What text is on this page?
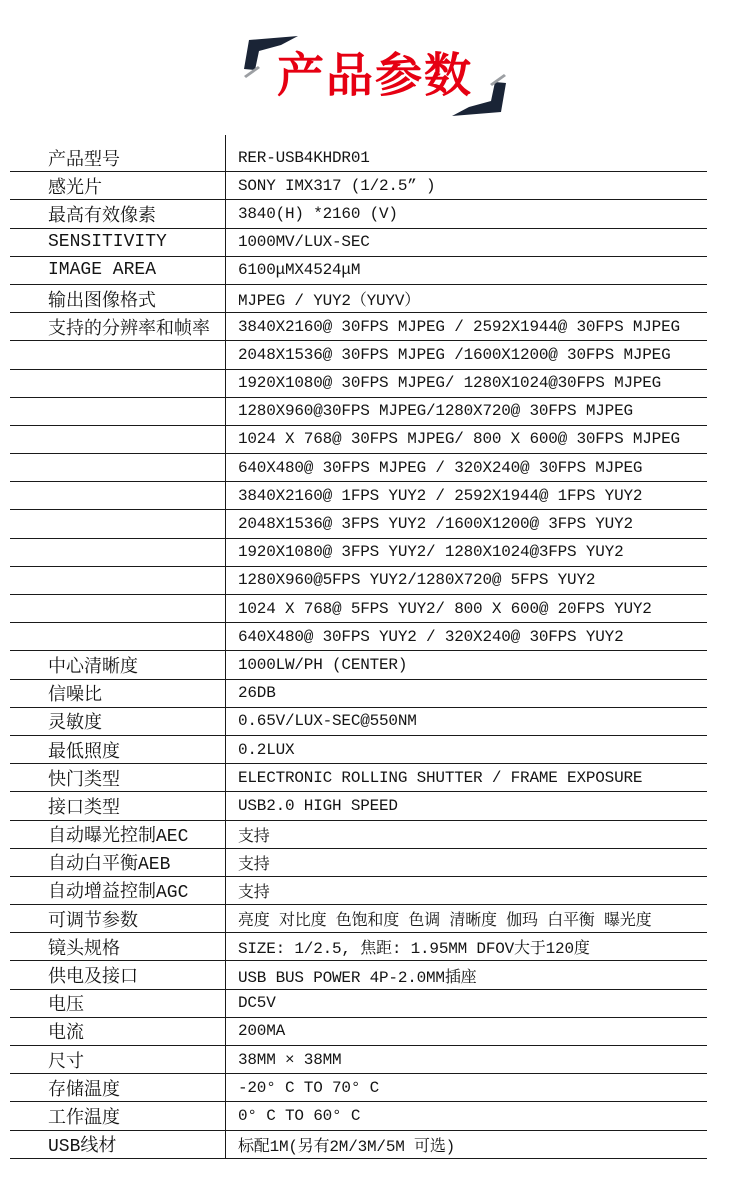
产品参数
产品型号	RER-USB4KHDR01
感光片	SONY IMX317 (1/2.5” )
最高有效像素	3840(H) *2160 (V)
SENSITIVITY	1000MV/LUX-SEC
IMAGE AREA	6100μMX4524μM
输出图像格式	MJPEG / YUY2（YUYV）
支持的分辨率和帧率	3840X2160@ 30FPS MJPEG / 2592X1944@ 30FPS MJPEG
2048X1536@ 30FPS MJPEG /1600X1200@ 30FPS MJPEG
1920X1080@ 30FPS MJPEG/ 1280X1024@30FPS MJPEG
1280X960@30FPS MJPEG/1280X720@ 30FPS MJPEG
1024 X 768@ 30FPS MJPEG/ 800 X 600@ 30FPS MJPEG
640X480@ 30FPS MJPEG / 320X240@ 30FPS MJPEG
3840X2160@ 1FPS YUY2 / 2592X1944@ 1FPS YUY2
2048X1536@ 3FPS YUY2 /1600X1200@ 3FPS YUY2
1920X1080@ 3FPS YUY2/ 1280X1024@3FPS YUY2
1280X960@5FPS YUY2/1280X720@ 5FPS YUY2
1024 X 768@ 5FPS YUY2/ 800 X 600@ 20FPS YUY2
640X480@ 30FPS YUY2 / 320X240@ 30FPS YUY2
中心清晰度	1000LW/PH (CENTER)
信噪比	26DB
灵敏度	0.65V/LUX-SEC@550NM
最低照度	0.2LUX
快门类型	ELECTRONIC ROLLING SHUTTER / FRAME EXPOSURE
接口类型	USB2.0 HIGH SPEED
自动曝光控制AEC	支持
自动白平衡AEB	支持
自动增益控制AGC	支持
可调节参数	亮度 对比度 色饱和度 色调 清晰度 伽玛 白平衡 曝光度
镜头规格	SIZE: 1/2.5, 焦距: 1.95MM DFOV大于120度
供电及接口	USB BUS POWER 4P-2.0MM插座
电压	DC5V
电流	200MA
尺寸	38MM × 38MM
存储温度	-20° C TO 70° C
工作温度	0° C TO 60° C
USB线材	标配1M(另有2M/3M/5M 可选)
